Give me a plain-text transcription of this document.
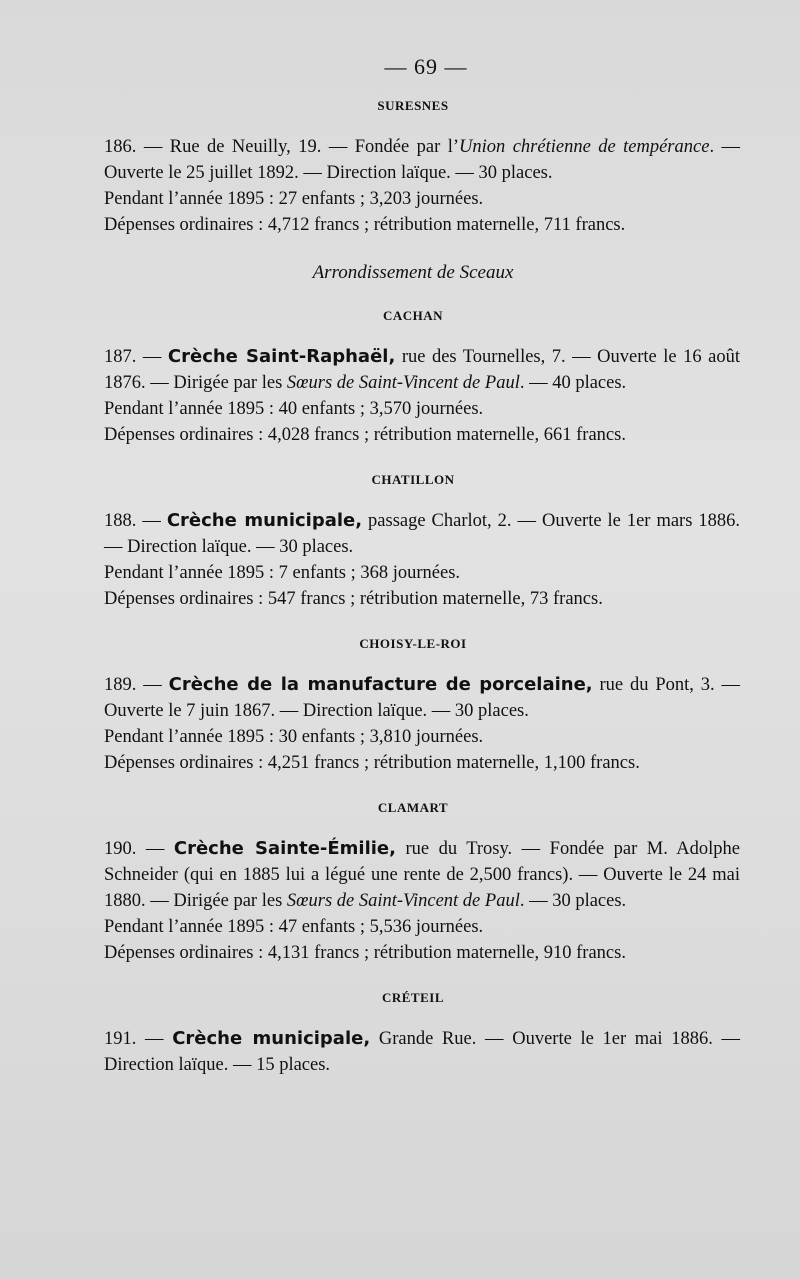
— 69 —
SURESNES

186. — Rue de Neuilly, 19. — Fondée par l’Union chrétienne de tempérance. — Ouverte le 25 juillet 1892. — Direction laïque. — 30 places.

Pendant l’année 1895 : 27 enfants ; 3,203 journées.

Dépenses ordinaires : 4,712 francs ; rétribution maternelle, 711 francs.

Arrondissement de Sceaux
CACHAN

187. — Crèche Saint-Raphaël, rue des Tournelles, 7. — Ouverte le 16 août 1876. — Dirigée par les Sœurs de Saint-Vincent de Paul. — 40 places.

Pendant l’année 1895 : 40 enfants ; 3,570 journées.

Dépenses ordinaires : 4,028 francs ; rétribution maternelle, 661 francs.

CHATILLON

188. — Crèche municipale, passage Charlot, 2. — Ouverte le 1er mars 1886. — Direction laïque. — 30 places.

Pendant l’année 1895 : 7 enfants ; 368 journées.

Dépenses ordinaires : 547 francs ; rétribution maternelle, 73 francs.

CHOISY-LE-ROI

189. — Crèche de la manufacture de porcelaine, rue du Pont, 3. — Ouverte le 7 juin 1867. — Direction laïque. — 30 places.

Pendant l’année 1895 : 30 enfants ; 3,810 journées.

Dépenses ordinaires : 4,251 francs ; rétribution maternelle, 1,100 francs.

CLAMART

190. — Crèche Sainte-Émilie, rue du Trosy. — Fondée par M. Adolphe Schneider (qui en 1885 lui a légué une rente de 2,500 francs). — Ouverte le 24 mai 1880. — Dirigée par les Sœurs de Saint-Vincent de Paul. — 30 places.

Pendant l’année 1895 : 47 enfants ; 5,536 journées.

Dépenses ordinaires : 4,131 francs ; rétribution maternelle, 910 francs.

CRÉTEIL

191. — Crèche municipale, Grande Rue. — Ouverte le 1er mai 1886. — Direction laïque. — 15 places.
